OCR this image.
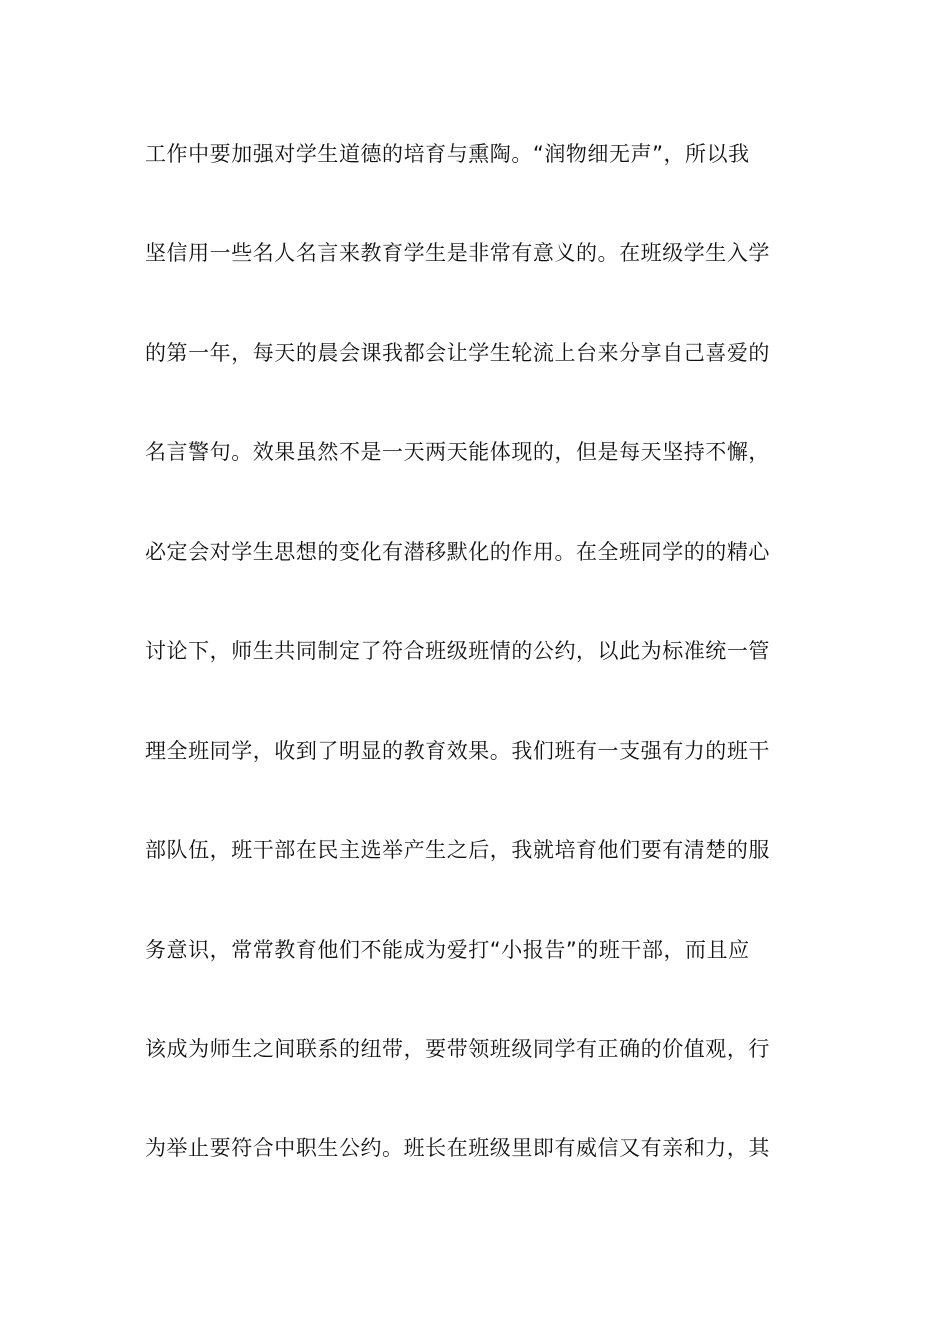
工作中要加强对学生道德的培育与熏陶。“润物细无声”，所以我
坚信用一些名人名言来教育学生是非常有意义的。在班级学生入学
的第一年，每天的晨会课我都会让学生轮流上台来分享自己喜爱的
名言警句。效果虽然不是一天两天能体现的，但是每天坚持不懈，
必定会对学生思想的变化有潜移默化的作用。在全班同学的的精心
讨论下，师生共同制定了符合班级班情的公约，以此为标准统一管
理全班同学，收到了明显的教育效果。我们班有一支强有力的班干
部队伍，班干部在民主选举产生之后，我就培育他们要有清楚的服
务意识，常常教育他们不能成为爱打“小报告”的班干部，而且应
该成为师生之间联系的纽带，要带领班级同学有正确的价值观，行
为举止要符合中职生公约。班长在班级里即有威信又有亲和力，其
